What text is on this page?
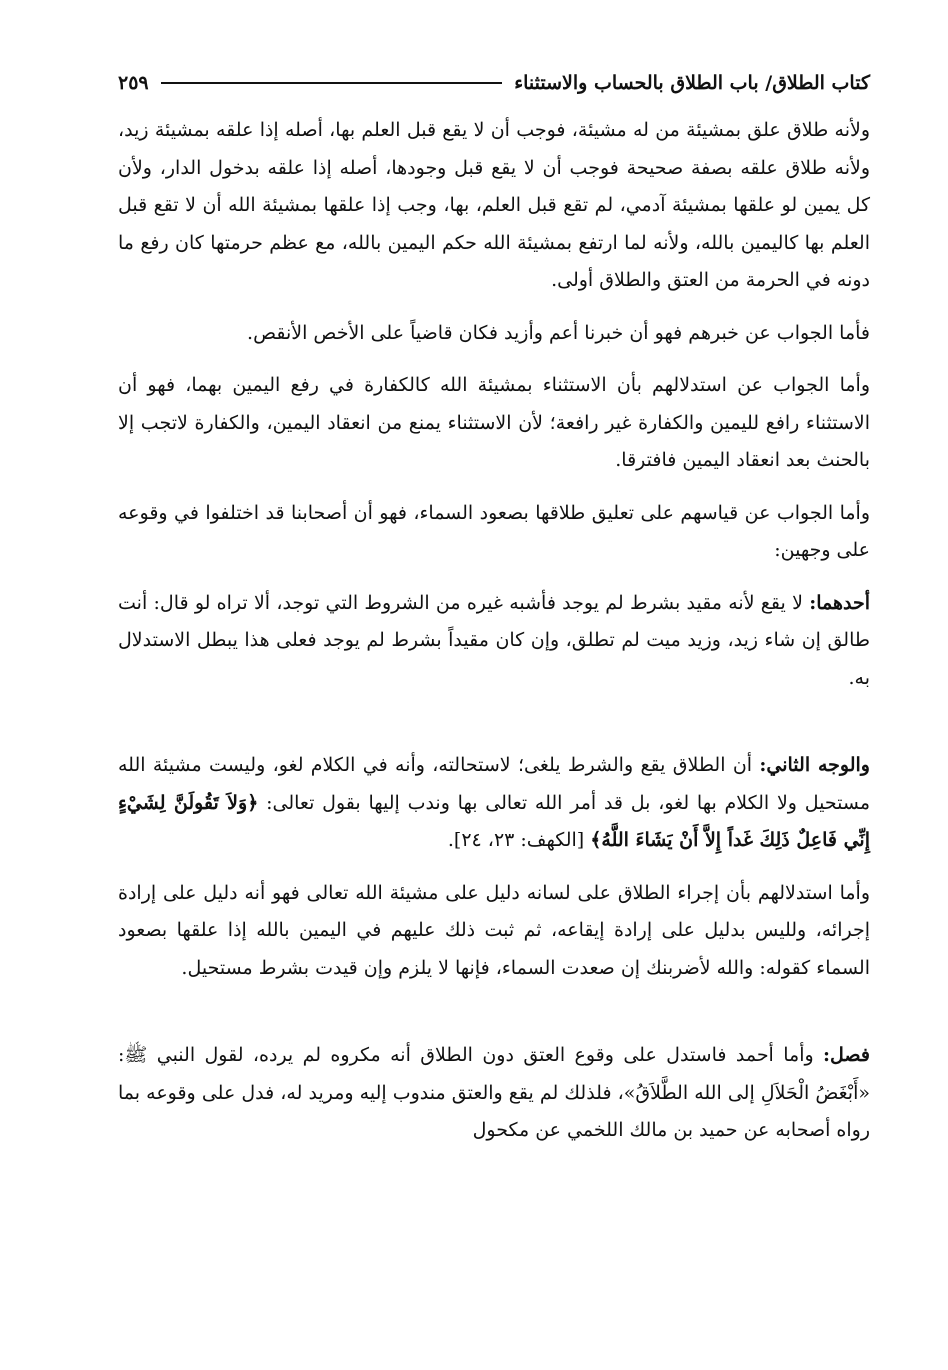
كتاب الطلاق/ باب الطلاق بالحساب والاستثناء
٢٥٩

ولأنه طلاق علق بمشيئة من له مشيئة، فوجب أن لا يقع قبل العلم بها، أصله إذا علقه بمشيئة زيد، ولأنه طلاق علقه بصفة صحيحة فوجب أن لا يقع قبل وجودها، أصله إذا علقه بدخول الدار، ولأن كل يمين لو علقها بمشيئة آدمي، لم تقع قبل العلم، بها، وجب إذا علقها بمشيئة الله أن لا تقع قبل العلم بها كاليمين بالله، ولأنه لما ارتفع بمشيئة الله حكم اليمين بالله، مع عظم حرمتها كان رفع ما دونه في الحرمة من العتق والطلاق أولى.

فأما الجواب عن خبرهم فهو أن خبرنا أعم وأزيد فكان قاضياً على الأخص الأنقص.

وأما الجواب عن استدلالهم بأن الاستثناء بمشيئة الله كالكفارة في رفع اليمين بهما، فهو أن الاستثناء رافع لليمين والكفارة غير رافعة؛ لأن الاستثناء يمنع من انعقاد اليمين، والكفارة لاتجب إلا بالحنث بعد انعقاد اليمين فافترقا.

وأما الجواب عن قياسهم على تعليق طلاقها بصعود السماء، فهو أن أصحابنا قد اختلفوا في وقوعه على وجهين:

أحدهما: لا يقع لأنه مقيد بشرط لم يوجد فأشبه غيره من الشروط التي توجد، ألا تراه لو قال: أنت طالق إن شاء زيد، وزيد ميت لم تطلق، وإن كان مقيداً بشرط لم يوجد فعلى هذا يبطل الاستدلال به.

والوجه الثاني: أن الطلاق يقع والشرط يلغى؛ لاستحالته، وأنه في الكلام لغو، وليست مشيئة الله مستحيل ولا الكلام بها لغو، بل قد أمر الله تعالى بها وندب إليها بقول تعالى: ﴿وَلاَ تَقُولَنَّ لِشَيْءٍ إِنِّي فَاعِلٌ ذَلِكَ غَداً إِلاَّ أَنْ يَشَاءَ اللَّهُ﴾ [الكهف: ٢٣، ٢٤].

وأما استدلالهم بأن إجراء الطلاق على لسانه دليل على مشيئة الله تعالى فهو أنه دليل على إرادة إجرائه، ولليس بدليل على إرادة إيقاعه، ثم ثبت ذلك عليهم في اليمين بالله إذا علقها بصعود السماء كقوله: والله لأضربنك إن صعدت السماء، فإنها لا يلزم وإن قيدت بشرط مستحيل.

فصل: وأما أحمد فاستدل على وقوع العتق دون الطلاق أنه مكروه لم يرده، لقول النبي ﷺ: «أَبْغَضُ الْحَلاَلِ إلى الله الطَّلاَقُ»، فلذلك لم يقع والعتق مندوب إليه ومريد له، فدل على وقوعه بما رواه أصحابه عن حميد بن مالك اللخمي عن مكحول
